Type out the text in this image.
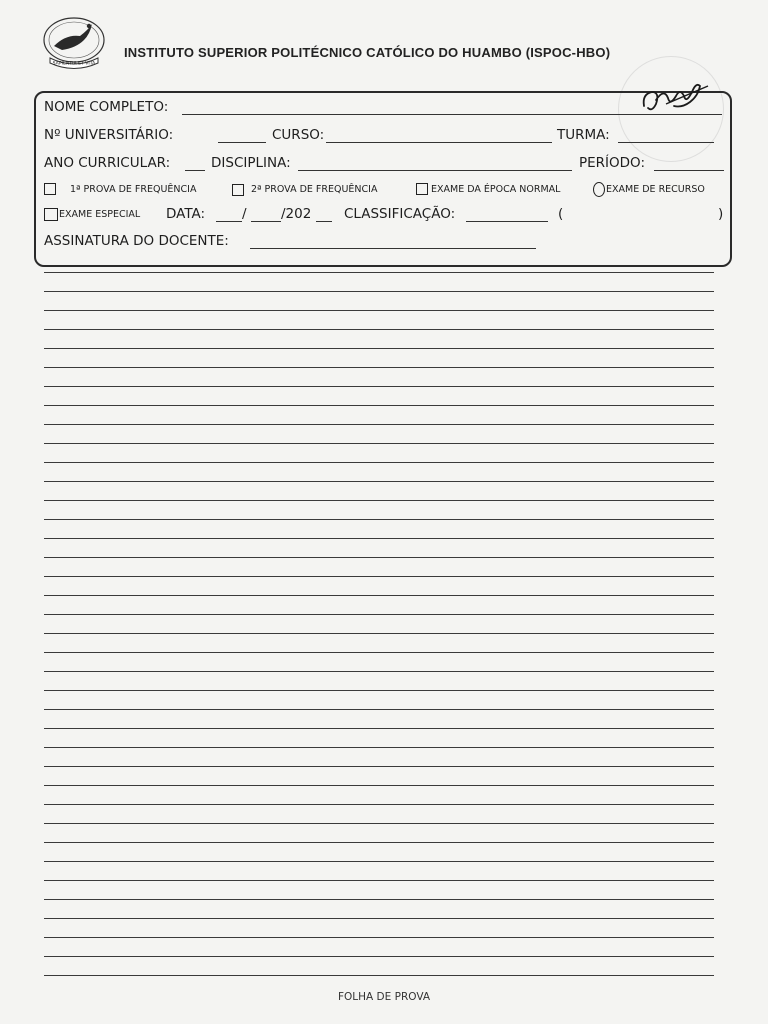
SAPIENTIA ET VITA
INSTITUTO SUPERIOR POLITÉCNICO CATÓLICO DO HUAMBO (ISPOC-HBO)
NOME COMPLETO:
Nº UNIVERSITÁRIO:	CURSO:	TURMA:
ANO CURRICULAR:	DISCIPLINA:	PERÍODO:
1ª PROVA DE FREQUÊNCIA	2ª PROVA DE FREQUÊNCIA	EXAME DA ÉPOCA NORMAL	EXAME DE RECURSO
EXAME ESPECIAL DATA:	/	/202 CLASSIFICAÇÃO:	(	)
ASSINATURA DO DOCENTE:
FOLHA DE PROVA
